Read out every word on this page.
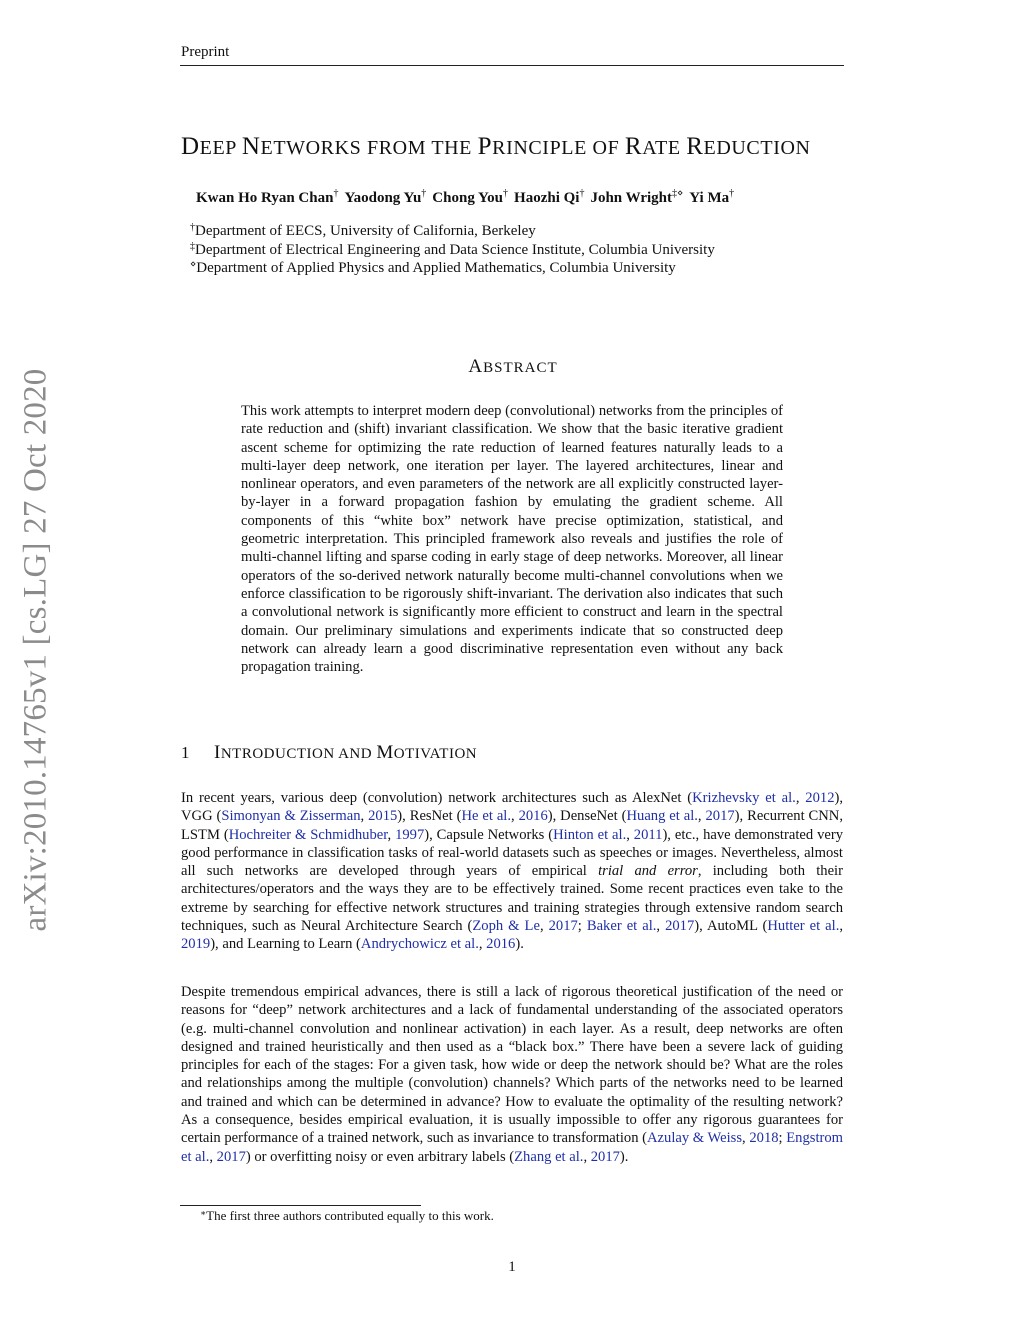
Preprint
DEEP NETWORKS FROM THE PRINCIPLE OF RATE REDUCTION
Kwan Ho Ryan Chan† Yaodong Yu† Chong You† Haozhi Qi† John Wright‡⋄ Yi Ma†
†Department of EECS, University of California, Berkeley
‡Department of Electrical Engineering and Data Science Institute, Columbia University
⋄Department of Applied Physics and Applied Mathematics, Columbia University
arXiv:2010.14765v1 [cs.LG] 27 Oct 2020
ABSTRACT
This work attempts to interpret modern deep (convolutional) networks from the principles of rate reduction and (shift) invariant classification. We show that the basic iterative gradient ascent scheme for optimizing the rate reduction of learned features naturally leads to a multi-layer deep network, one iteration per layer. The layered architectures, linear and nonlinear operators, and even parameters of the network are all explicitly constructed layer-by-layer in a forward propagation fashion by emulating the gradient scheme. All components of this “white box” network have precise optimization, statistical, and geometric interpretation. This principled framework also reveals and justifies the role of multi-channel lifting and sparse coding in early stage of deep networks. Moreover, all linear operators of the so-derived network naturally become multi-channel convolutions when we enforce classification to be rigorously shift-invariant. The derivation also indicates that such a convolutional network is significantly more efficient to construct and learn in the spectral domain. Our preliminary simulations and experiments indicate that so constructed deep network can already learn a good discriminative representation even without any back propagation training.
1 INTRODUCTION AND MOTIVATION
In recent years, various deep (convolution) network architectures such as AlexNet (Krizhevsky et al., 2012), VGG (Simonyan & Zisserman, 2015), ResNet (He et al., 2016), DenseNet (Huang et al., 2017), Recurrent CNN, LSTM (Hochreiter & Schmidhuber, 1997), Capsule Networks (Hinton et al., 2011), etc., have demonstrated very good performance in classification tasks of real-world datasets such as speeches or images. Nevertheless, almost all such networks are developed through years of empirical trial and error, including both their architectures/operators and the ways they are to be effectively trained. Some recent practices even take to the extreme by searching for effective network structures and training strategies through extensive random search techniques, such as Neural Architecture Search (Zoph & Le, 2017; Baker et al., 2017), AutoML (Hutter et al., 2019), and Learning to Learn (Andrychowicz et al., 2016).
Despite tremendous empirical advances, there is still a lack of rigorous theoretical justification of the need or reasons for “deep” network architectures and a lack of fundamental understanding of the associated operators (e.g. multi-channel convolution and nonlinear activation) in each layer. As a result, deep networks are often designed and trained heuristically and then used as a “black box.” There have been a severe lack of guiding principles for each of the stages: For a given task, how wide or deep the network should be? What are the roles and relationships among the multiple (convolution) channels? Which parts of the networks need to be learned and trained and which can be determined in advance? How to evaluate the optimality of the resulting network? As a consequence, besides empirical evaluation, it is usually impossible to offer any rigorous guarantees for certain performance of a trained network, such as invariance to transformation (Azulay & Weiss, 2018; Engstrom et al., 2017) or overfitting noisy or even arbitrary labels (Zhang et al., 2017).
∗The first three authors contributed equally to this work.
1
